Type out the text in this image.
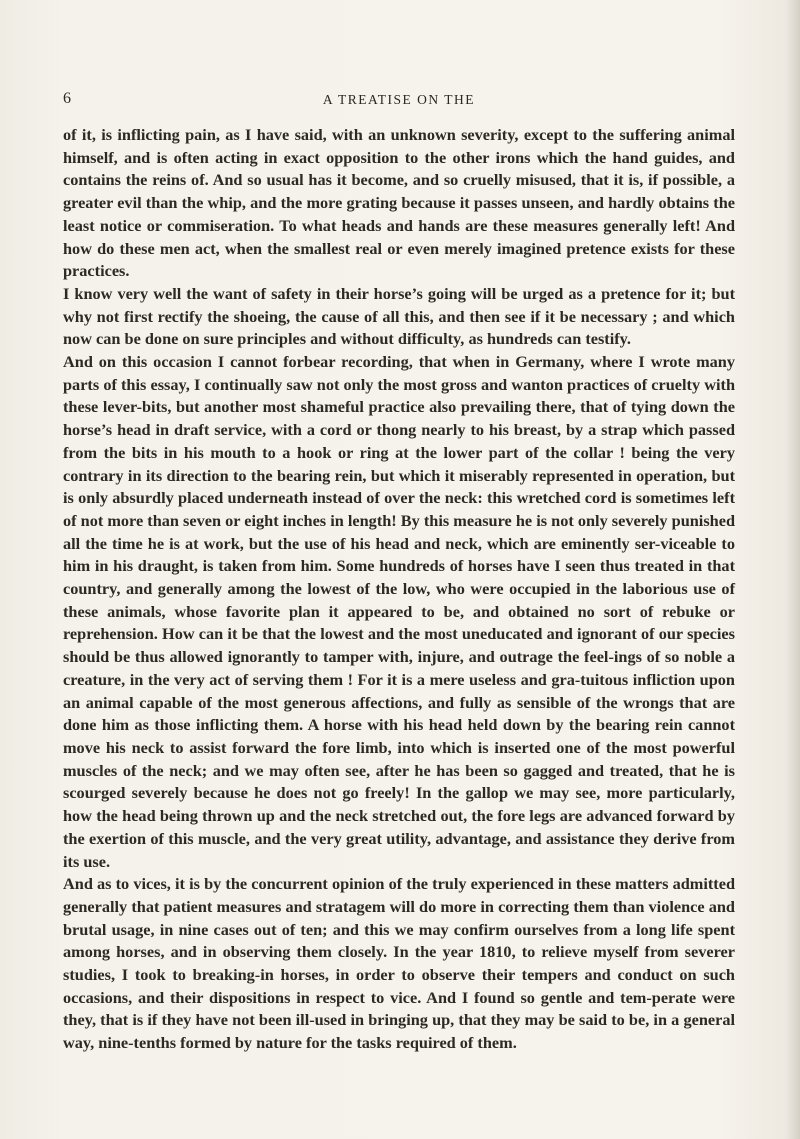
6	A TREATISE ON THE

of it, is inflicting pain, as I have said, with an unknown severity, except to the suffering animal himself, and is often acting in exact opposition to the other irons which the hand guides, and contains the reins of. And so usual has it become, and so cruelly misused, that it is, if possible, a greater evil than the whip, and the more grating because it passes unseen, and hardly obtains the least notice or commiseration. To what heads and hands are these measures generally left! And how do these men act, when the smallest real or even merely imagined pretence exists for these practices.

I know very well the want of safety in their horse’s going will be urged as a pretence for it; but why not first rectify the shoeing, the cause of all this, and then see if it be necessary ; and which now can be done on sure principles and without difficulty, as hundreds can testify.

And on this occasion I cannot forbear recording, that when in Germany, where I wrote many parts of this essay, I continually saw not only the most gross and wanton practices of cruelty with these lever-bits, but another most shameful practice also prevailing there, that of tying down the horse’s head in draft service, with a cord or thong nearly to his breast, by a strap which passed from the bits in his mouth to a hook or ring at the lower part of the collar ! being the very contrary in its direction to the bearing rein, but which it miserably represented in operation, but is only absurdly placed underneath instead of over the neck: this wretched cord is sometimes left of not more than seven or eight inches in length! By this measure he is not only severely punished all the time he is at work, but the use of his head and neck, which are eminently ser-viceable to him in his draught, is taken from him. Some hundreds of horses have I seen thus treated in that country, and generally among the lowest of the low, who were occupied in the laborious use of these animals, whose favorite plan it appeared to be, and obtained no sort of rebuke or reprehension. How can it be that the lowest and the most uneducated and ignorant of our species should be thus allowed ignorantly to tamper with, injure, and outrage the feel-ings of so noble a creature, in the very act of serving them ! For it is a mere useless and gra-tuitous infliction upon an animal capable of the most generous affections, and fully as sensible of the wrongs that are done him as those inflicting them. A horse with his head held down by the bearing rein cannot move his neck to assist forward the fore limb, into which is inserted one of the most powerful muscles of the neck; and we may often see, after he has been so gagged and treated, that he is scourged severely because he does not go freely! In the gallop we may see, more particularly, how the head being thrown up and the neck stretched out, the fore legs are advanced forward by the exertion of this muscle, and the very great utility, advantage, and assistance they derive from its use.

And as to vices, it is by the concurrent opinion of the truly experienced in these matters admitted generally that patient measures and stratagem will do more in correcting them than violence and brutal usage, in nine cases out of ten; and this we may confirm ourselves from a long life spent among horses, and in observing them closely. In the year 1810, to relieve myself from severer studies, I took to breaking-in horses, in order to observe their tempers and conduct on such occasions, and their dispositions in respect to vice. And I found so gentle and tem-perate were they, that is if they have not been ill-used in bringing up, that they may be said to be, in a general way, nine-tenths formed by nature for the tasks required of them.
